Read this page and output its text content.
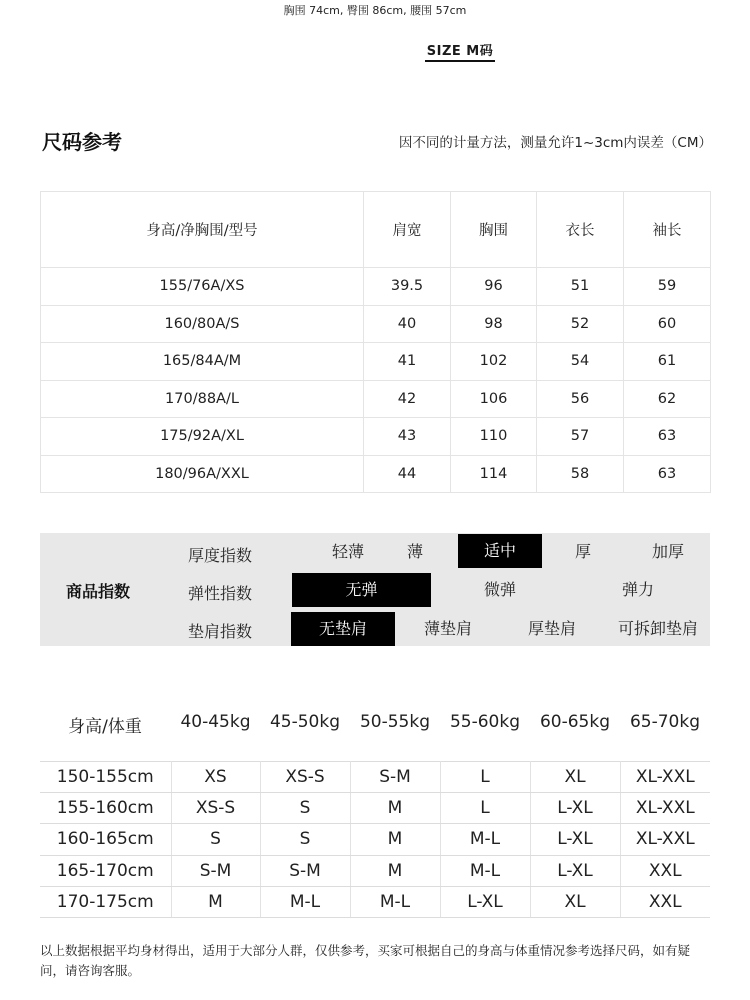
胸围 74cm, 臀围 86cm, 腰围 57cm
SIZE M码
尺码参考	因不同的计量方法，测量允许1~3cm内误差（CM）
身高/净胸围/型号	肩宽	胸围	衣长	袖长
155/76A/XS	39.5	96	51	59
160/80A/S	40	98	52	60
165/84A/M	41	102	54	61
170/88A/L	42	106	56	62
175/92A/XL	43	110	57	63
180/96A/XXL	44	114	58	63
商品指数
厚度指数	轻薄	薄	适中	厚	加厚
弹性指数	无弹	微弹	弹力
垫肩指数	无垫肩	薄垫肩	厚垫肩	可拆卸垫肩
身高/体重	40-45kg	45-50kg	50-55kg	55-60kg	60-65kg	65-70kg
150-155cm	XS	XS-S	S-M	L	XL	XL-XXL
155-160cm	XS-S	S	M	L	L-XL	XL-XXL
160-165cm	S	S	M	M-L	L-XL	XL-XXL
165-170cm	S-M	S-M	M	M-L	L-XL	XXL
170-175cm	M	M-L	M-L	L-XL	XL	XXL
以上数据根据平均身材得出，适用于大部分人群，仅供参考，买家可根据自己的身高与体重情况参考选择尺码，如有疑问，请咨询客服。
